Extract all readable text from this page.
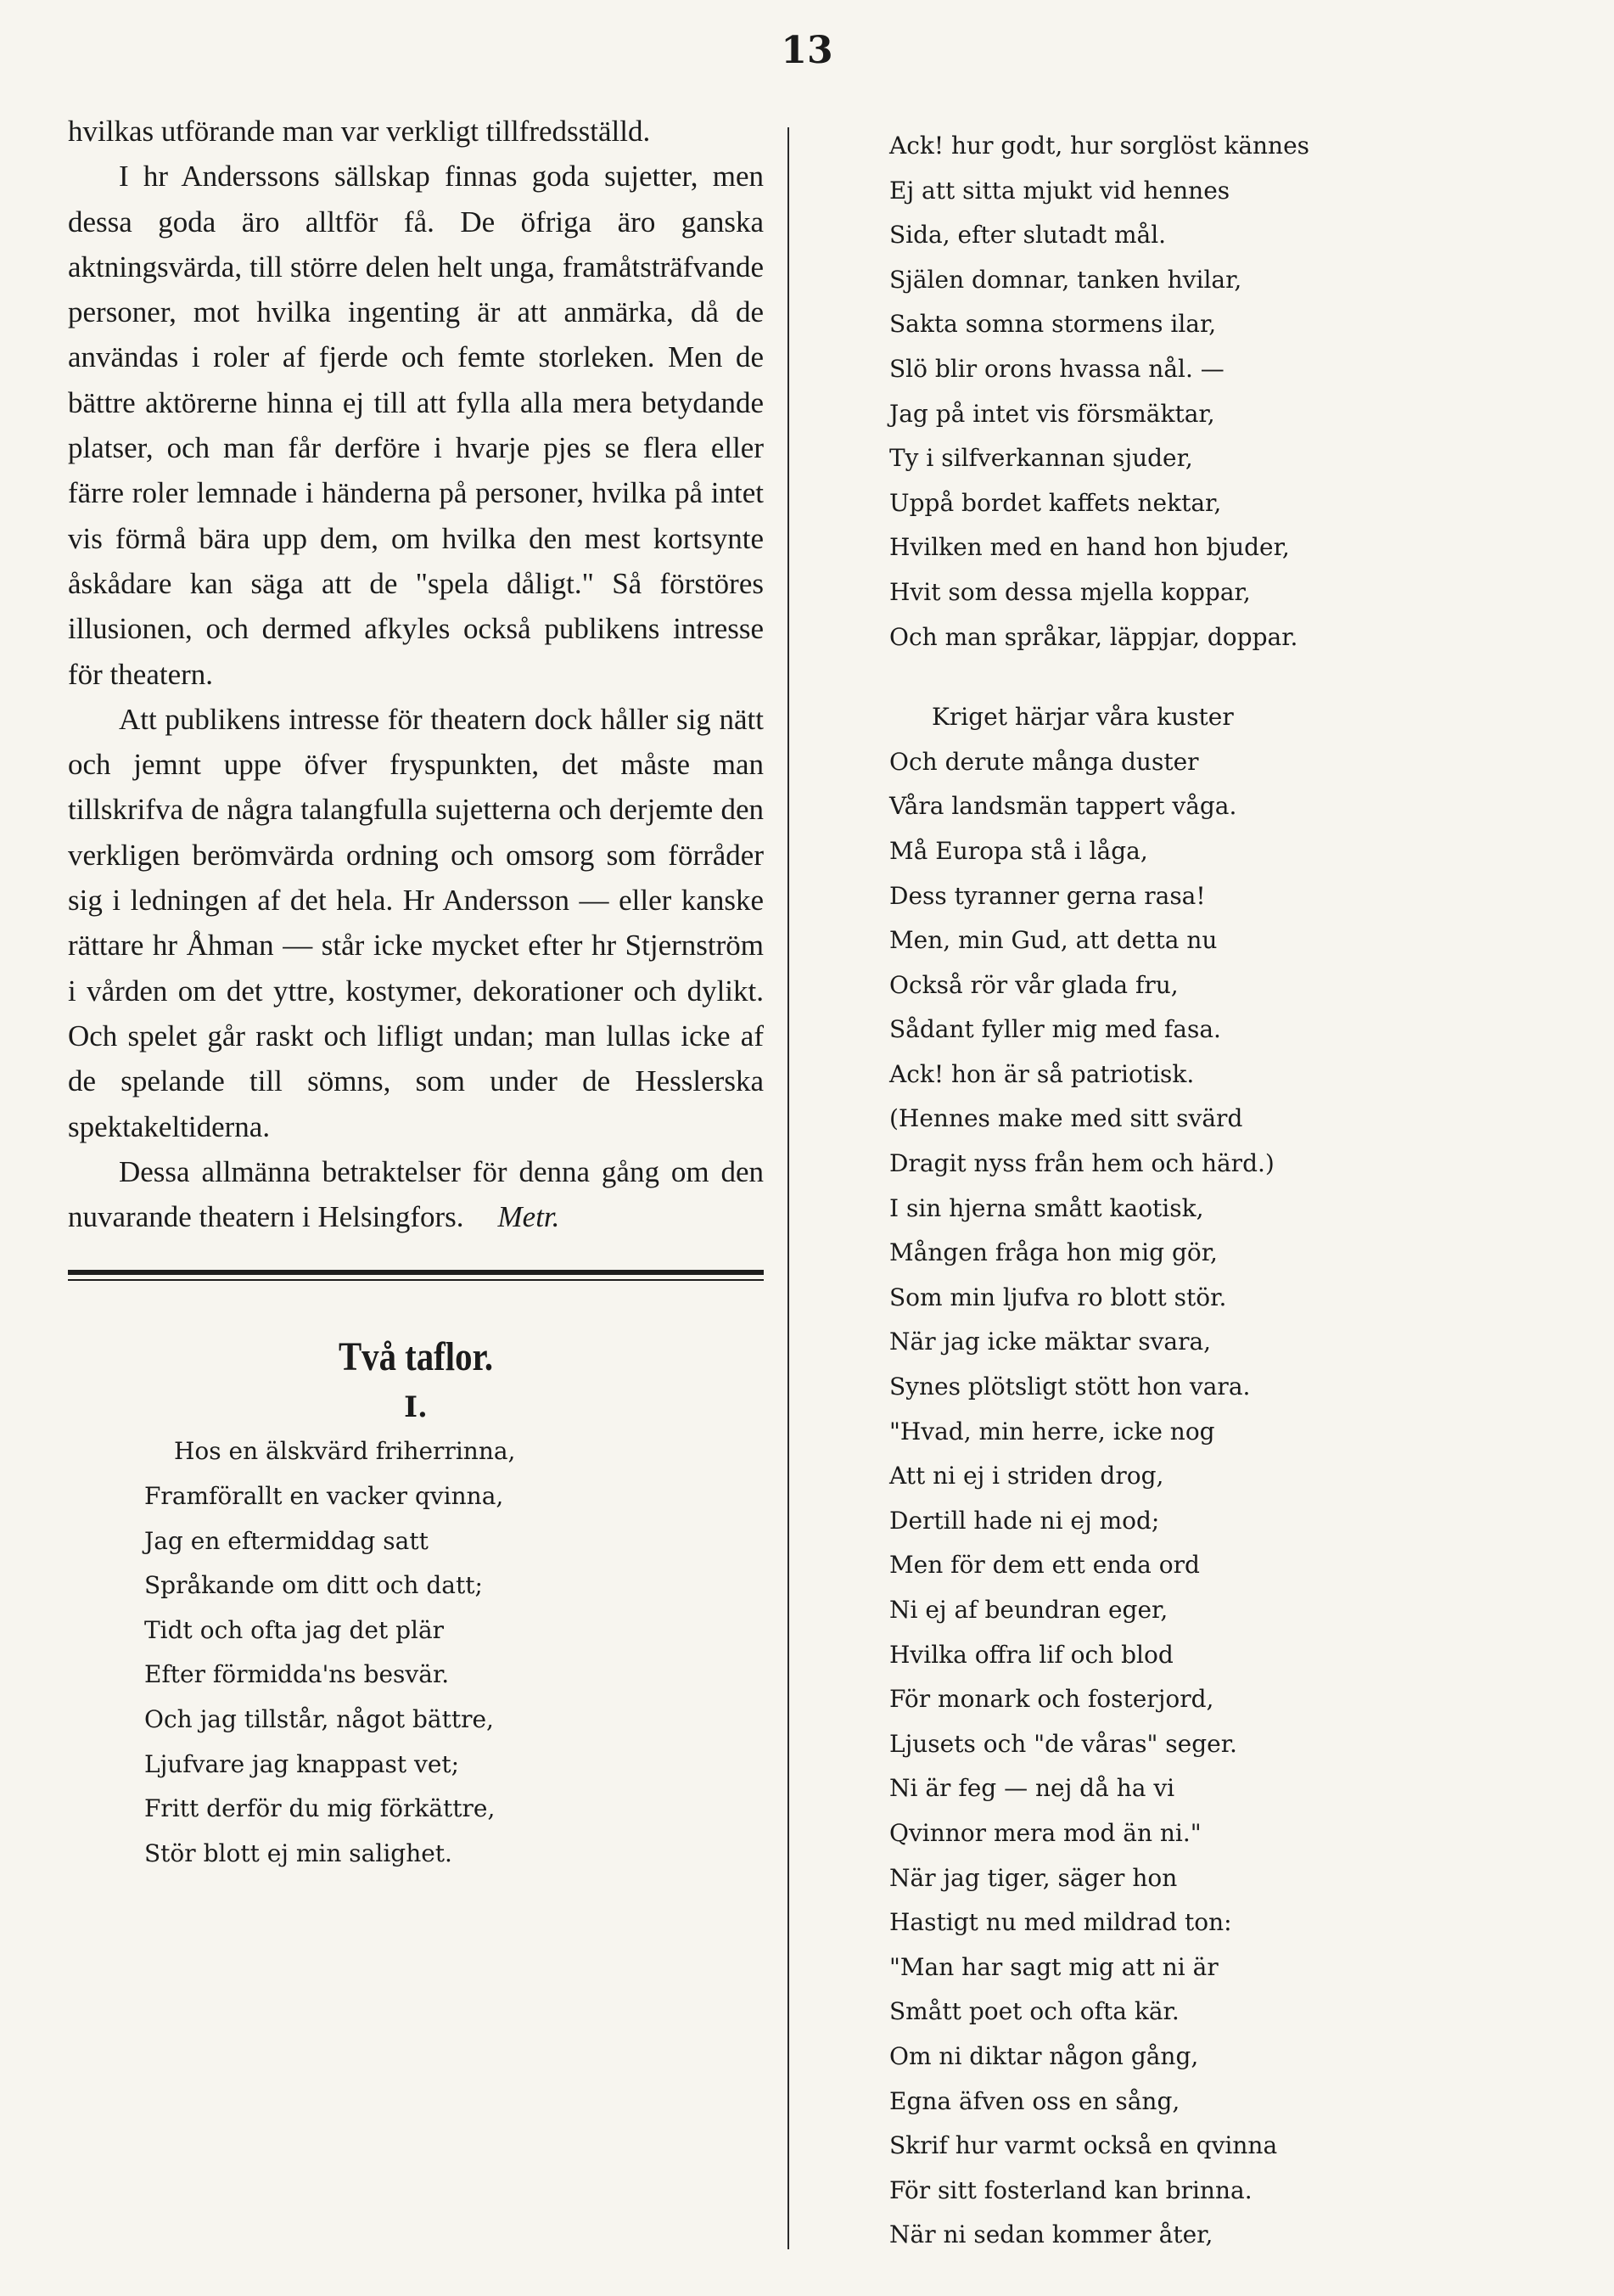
13

hvilkas utförande man var verkligt tillfredsställd.

I hr Anderssons sällskap finnas goda sujetter, men dessa goda äro alltför få. De öfriga äro ganska aktningsvärda, till större delen helt unga, framåtsträfvande personer, mot hvilka ingenting är att anmärka, då de användas i roler af fjerde och femte storleken. Men de bättre aktörerne hinna ej till att fylla alla mera betydande platser, och man får derföre i hvarje pjes se flera eller färre roler lemnade i händerna på personer, hvilka på intet vis förmå bära upp dem, om hvilka den mest kortsynte åskådare kan säga att de "spela dåligt." Så förstöres illusionen, och dermed afkyles också publikens intresse för theatern.

Att publikens intresse för theatern dock håller sig nätt och jemnt uppe öfver fryspunkten, det måste man tillskrifva de några talangfulla sujetterna och derjemte den verkligen berömvärda ordning och omsorg som förråder sig i ledningen af det hela. Hr Andersson — eller kanske rättare hr Åhman — står icke mycket efter hr Stjernström i vården om det yttre, kostymer, dekorationer och dylikt. Och spelet går raskt och lifligt undan; man lullas icke af de spelande till sömns, som under de Hesslerska spektakeltiderna.

Dessa allmänna betraktelser för denna gång om den nuvarande theatern i Helsingfors. Metr.

Två taflor.
I.
Hos en älskvärd friherrinna,
Framförallt en vacker qvinna,
Jag en eftermiddag satt
Språkande om ditt och datt;
Tidt och ofta jag det plär
Efter förmidda'ns besvär.
Och jag tillstår, något bättre,
Ljufvare jag knappast vet;
Fritt derför du mig förkättre,
Stör blott ej min salighet.
Ack! hur godt, hur sorglöst kännes
Ej att sitta mjukt vid hennes
Sida, efter slutadt mål.
Själen domnar, tanken hvilar,
Sakta somna stormens ilar,
Slö blir orons hvassa nål. —
Jag på intet vis försmäktar,
Ty i silfverkannan sjuder,
Uppå bordet kaffets nektar,
Hvilken med en hand hon bjuder,
Hvit som dessa mjella koppar,
Och man språkar, läppjar, doppar.
Kriget härjar våra kuster
Och derute många duster
Våra landsmän tappert våga.
Må Europa stå i låga,
Dess tyranner gerna rasa!
Men, min Gud, att detta nu
Också rör vår glada fru,
Sådant fyller mig med fasa.
Ack! hon är så patriotisk.
(Hennes make med sitt svärd
Dragit nyss från hem och härd.)
I sin hjerna smått kaotisk,
Mången fråga hon mig gör,
Som min ljufva ro blott stör.
När jag icke mäktar svara,
Synes plötsligt stött hon vara.
"Hvad, min herre, icke nog
Att ni ej i striden drog,
Dertill hade ni ej mod;
Men för dem ett enda ord
Ni ej af beundran eger,
Hvilka offra lif och blod
För monark och fosterjord,
Ljusets och "de våras" seger.
Ni är feg — nej då ha vi
Qvinnor mera mod än ni."
När jag tiger, säger hon
Hastigt nu med mildrad ton:
"Man har sagt mig att ni är
Smått poet och ofta kär.
Om ni diktar någon gång,
Egna äfven oss en sång,
Skrif hur varmt också en qvinna
För sitt fosterland kan brinna.
När ni sedan kommer åter,
